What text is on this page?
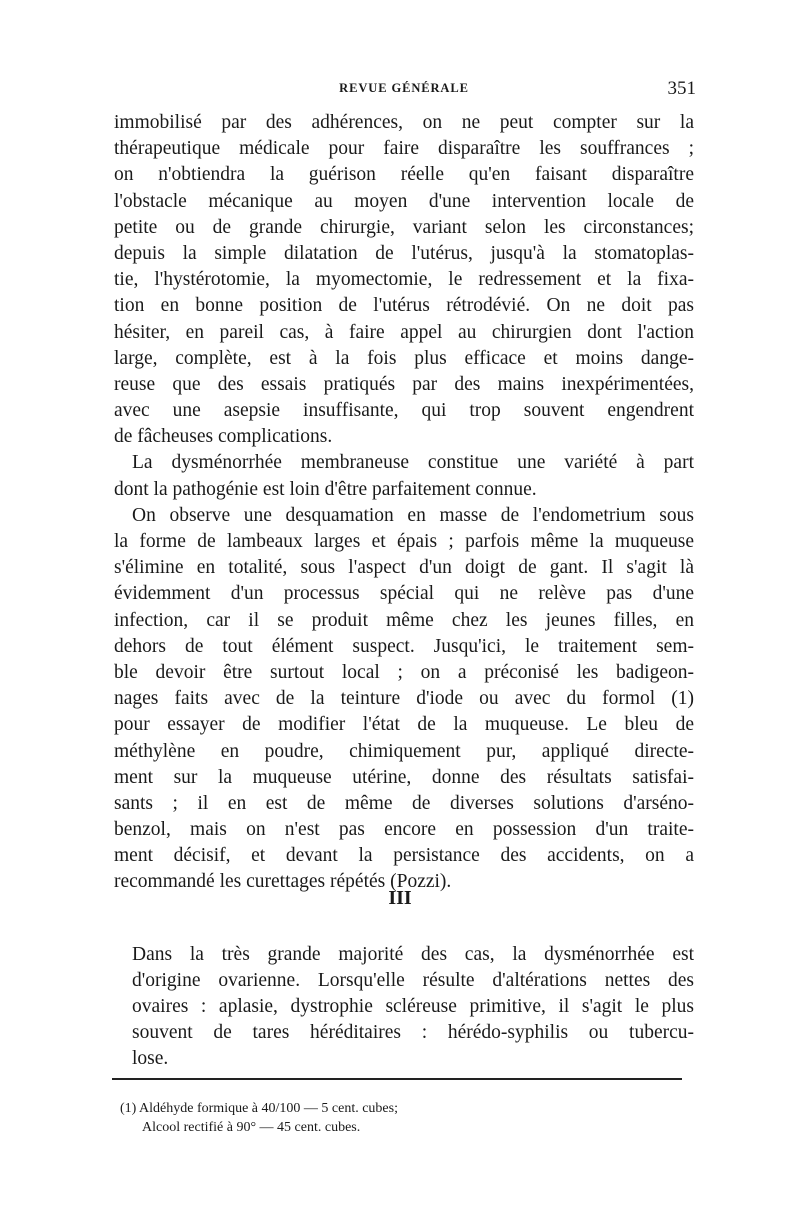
REVUE GÉNÉRALE	351
immobilisé par des adhérences, on ne peut compter sur la
thérapeutique médicale pour faire disparaître les souffrances ;
on n'obtiendra la guérison réelle qu'en faisant disparaître
l'obstacle mécanique au moyen d'une intervention locale de
petite ou de grande chirurgie, variant selon les circonstances;
depuis la simple dilatation de l'utérus, jusqu'à la stomatoplas-
tie, l'hystérotomie, la myomectomie, le redressement et la fixa-
tion en bonne position de l'utérus rétrodévié. On ne doit pas
hésiter, en pareil cas, à faire appel au chirurgien dont l'action
large, complète, est à la fois plus efficace et moins dange-
reuse que des essais pratiqués par des mains inexpérimentées,
avec une asepsie insuffisante, qui trop souvent engendrent
de fâcheuses complications.
La dysménorrhée membraneuse constitue une variété à part
dont la pathogénie est loin d'être parfaitement connue.
On observe une desquamation en masse de l'endometrium sous
la forme de lambeaux larges et épais ; parfois même la muqueuse
s'élimine en totalité, sous l'aspect d'un doigt de gant. Il s'agit là
évidemment d'un processus spécial qui ne relève pas d'une
infection, car il se produit même chez les jeunes filles, en
dehors de tout élément suspect. Jusqu'ici, le traitement sem-
ble devoir être surtout local ; on a préconisé les badigeon-
nages faits avec de la teinture d'iode ou avec du formol (1)
pour essayer de modifier l'état de la muqueuse. Le bleu de
méthylène en poudre, chimiquement pur, appliqué directe-
ment sur la muqueuse utérine, donne des résultats satisfai-
sants ; il en est de même de diverses solutions d'arséno-
benzol, mais on n'est pas encore en possession d'un traite-
ment décisif, et devant la persistance des accidents, on a
recommandé les curettages répétés (Pozzi).
III
Dans la très grande majorité des cas, la dysménorrhée est
d'origine ovarienne. Lorsqu'elle résulte d'altérations nettes des
ovaires : aplasie, dystrophie scléreuse primitive, il s'agit le plus
souvent de tares héréditaires : hérédo-syphilis ou tubercu-
lose.
(1) Aldéhyde formique à 40/100 — 5 cent. cubes;
Alcool rectifié à 90° — 45 cent. cubes.
